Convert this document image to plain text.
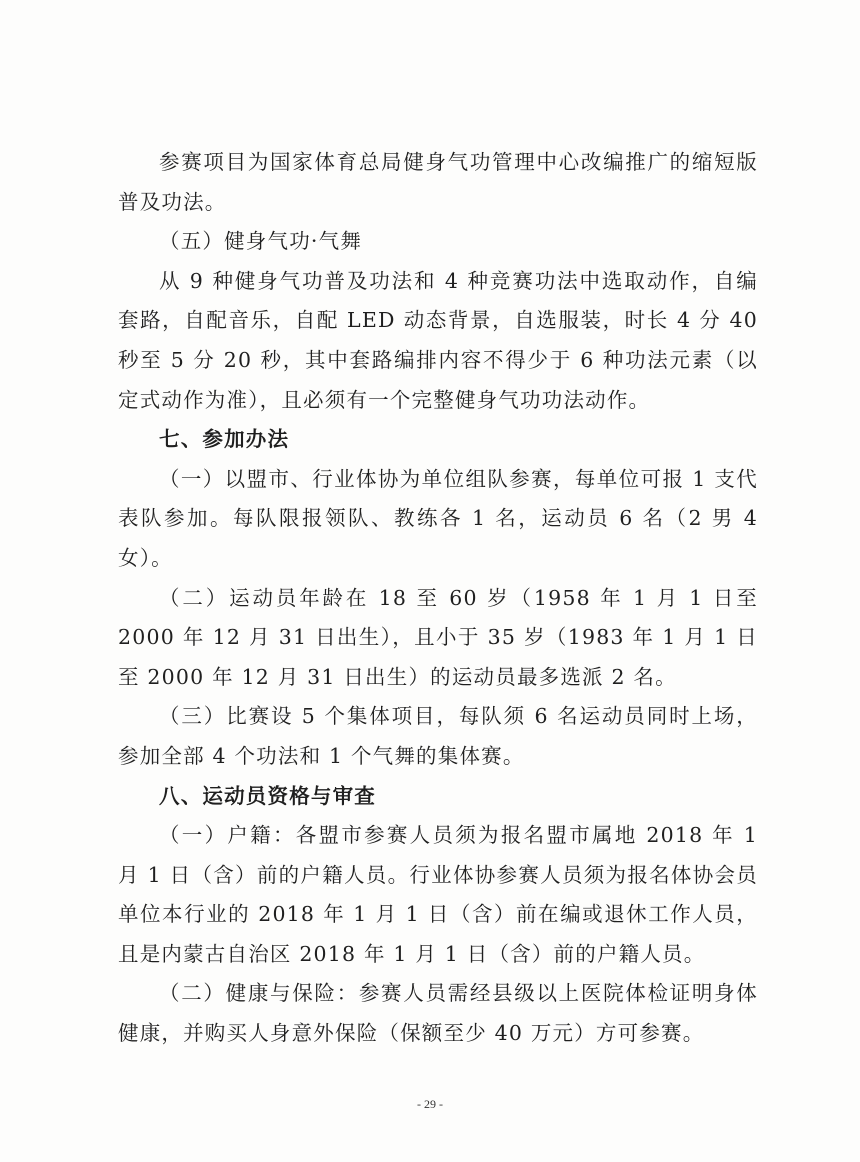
参赛项目为国家体育总局健身气功管理中心改编推广的缩短版普及功法。

（五）健身气功·气舞

从 9 种健身气功普及功法和 4 种竞赛功法中选取动作，自编套路，自配音乐，自配 LED 动态背景，自选服装，时长 4 分 40 秒至 5 分 20 秒，其中套路编排内容不得少于 6 种功法元素（以定式动作为准），且必须有一个完整健身气功功法动作。

七、参加办法

（一）以盟市、行业体协为单位组队参赛，每单位可报 1 支代表队参加。每队限报领队、教练各 1 名，运动员 6 名（2 男 4 女）。

（二）运动员年龄在 18 至 60 岁（1958 年 1 月 1 日至 2000 年 12 月 31 日出生），且小于 35 岁（1983 年 1 月 1 日至 2000 年 12 月 31 日出生）的运动员最多选派 2 名。

（三）比赛设 5 个集体项目，每队须 6 名运动员同时上场，参加全部 4 个功法和 1 个气舞的集体赛。

八、运动员资格与审查

（一）户籍：各盟市参赛人员须为报名盟市属地 2018 年 1 月 1 日（含）前的户籍人员。行业体协参赛人员须为报名体协会员单位本行业的 2018 年 1 月 1 日（含）前在编或退休工作人员，且是内蒙古自治区 2018 年 1 月 1 日（含）前的户籍人员。

（二）健康与保险：参赛人员需经县级以上医院体检证明身体健康，并购买人身意外保险（保额至少 40 万元）方可参赛。

- 29 -
